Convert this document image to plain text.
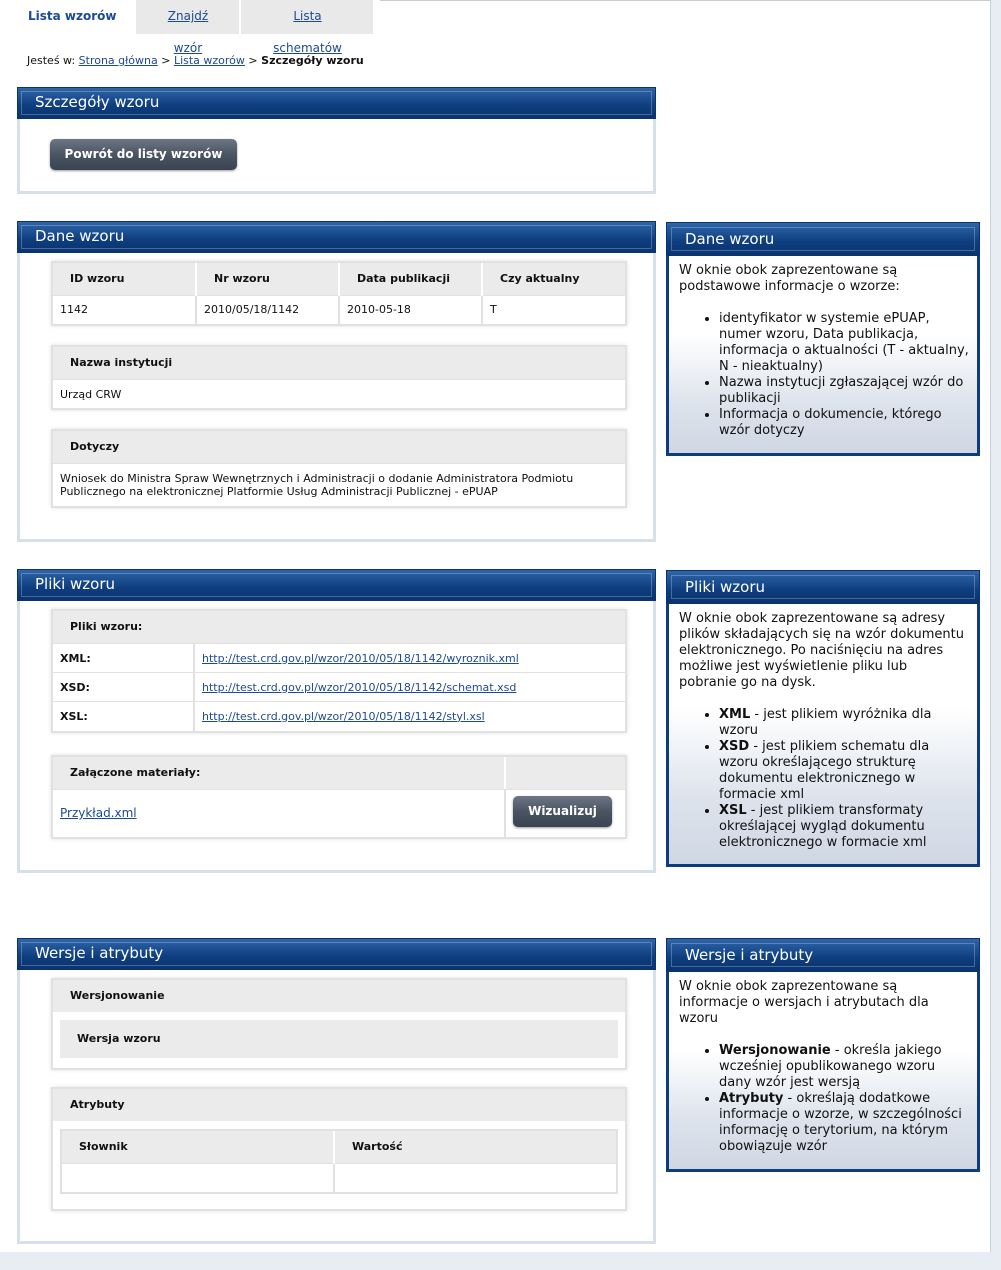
Lista wzorów	Znajdź wzór
Lista schematów
Jesteś w: Strona główna > Lista wzorów > Szczegóły wzoru
Szczegóły wzoru
Powrót do listy wzorów
Dane wzoru
ID wzoru	Nr wzoru	Data publikacji	Czy aktualny
1142	2010/05/18/1142	2010-05-18	T
Nazwa instytucji
Urząd CRW
Dotyczy
Wniosek do Ministra Spraw Wewnętrznych i Administracji o dodanie Administratora Podmiotu Publicznego na elektronicznej Platformie Usług Administracji Publicznej - ePUAP
Dane wzoru

W oknie obok zaprezentowane są podstawowe informacje o wzorze:

• identyfikator w systemie ePUAP, numer wzoru, Data publikacja, informacja o aktualności (T - aktualny, N - nieaktualny)
• Nazwa instytucji zgłaszającej wzór do publikacji
• Informacja o dokumencie, którego wzór dotyczy
Pliki wzoru
Pliki wzoru:
XML:	http://test.crd.gov.pl/wzor/2010/05/18/1142/wyroznik.xml
XSD:	http://test.crd.gov.pl/wzor/2010/05/18/1142/schemat.xsd
XSL:	http://test.crd.gov.pl/wzor/2010/05/18/1142/styl.xsl
Załączone materiały:
Przykład.xml	Wizualizuj
Pliki wzoru

W oknie obok zaprezentowane są adresy plików składających się na wzór dokumentu elektronicznego. Po naciśnięciu na adres możliwe jest wyświetlenie pliku lub pobranie go na dysk.

• XML - jest plikiem wyróżnika dla wzoru
• XSD - jest plikiem schematu dla wzoru określającego strukturę dokumentu elektronicznego w formacie xml
• XSL - jest plikiem transformaty określającej wygląd dokumentu elektronicznego w formacie xml
Wersje i atrybuty
Wersjonowanie
Wersja wzoru
Atrybuty
Słownik	Wartość

Wersje i atrybuty

W oknie obok zaprezentowane są informacje o wersjach i atrybutach dla wzoru

• Wersjonowanie - określa jakiego wcześniej opublikowanego wzoru dany wzór jest wersją
• Atrybuty - określają dodatkowe informacje o wzorze, w szczególności informację o terytorium, na którym obowiązuje wzór
